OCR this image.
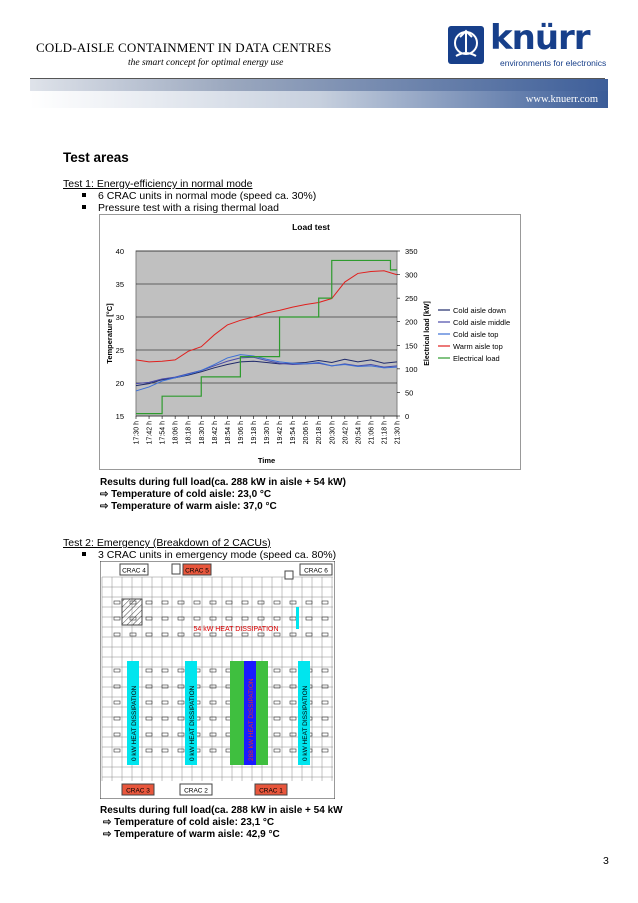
COLD-AISLE CONTAINMENT IN DATA CENTRES
the smart concept for optimal energy use
knürr
environments for electronics
www.knuerr.com
Test areas
Test 1: Energy-efficiency in normal mode
6 CRAC units in normal mode (speed ca. 30%)
Pressure test with a rising thermal load
Load test
15
20
25
30
35
40
0
50
100
150
200
250
300
350
17:30 h 17:42 h 17:54 h 18:06 h 18:18 h 18:30 h 18:42 h 18:54 h 19:06 h 19:18 h 19:30 h 19:42 h 19:54 h 20:06 h 20:18 h 20:30 h 20:42 h 20:54 h 21:06 h 21:18 h 21:30 h
Time
Temperature [°C]	Electrical load [kW]	Cold aisle down
Cold aisle middle
Cold aisle top
Warm aisle top
Electrical load
Results during full load(ca. 288 kW in aisle + 54 kW)
⇨ Temperature of cold aisle: 23,0 °C
⇨ Temperature of warm aisle: 37,0 °C
Test 2: Emergency (Breakdown of 2 CACUs)
3 CRAC units in emergency mode (speed ca. 80%)
CRAC 4	CRAC 5	CRAC 6
54 kW HEAT DISSIPATION
0 kW HEAT DISSIPATION	0 kW HEAT DISSIPATION	288 kW HEAT DISSIPATION	0 kW HEAT DISSIPATION
CRAC 3	CRAC 2	CRAC 1
Results during full load(ca. 288 kW in aisle + 54 kW
⇨ Temperature of cold aisle: 23,1 °C
⇨ Temperature of warm aisle: 42,9 °C
3
